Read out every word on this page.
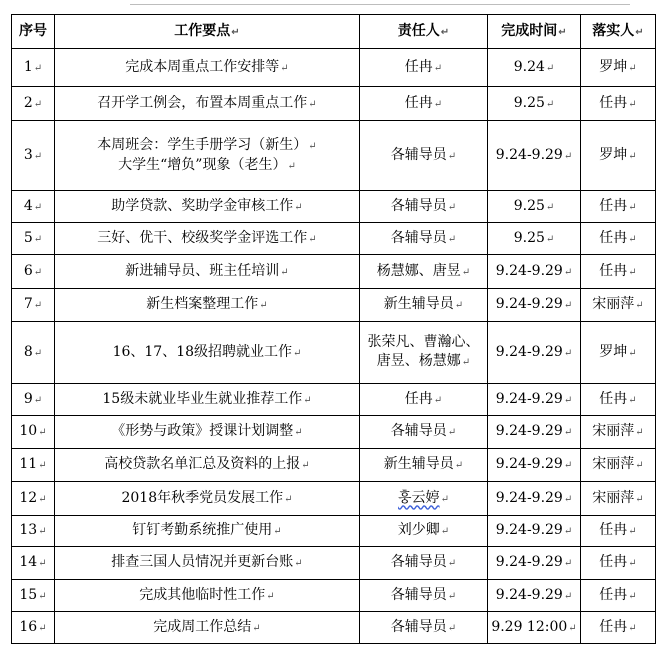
序号	工作要点↵	责任人↵	完成时间↵	落实人↵
1↵	完成本周重点工作安排等↵	任冉↵	9.24↵	罗坤↵
2↵	召开学工例会，布置本周重点工作↵	任冉↵	9.25↵	任冉↵
3↵	本周班会：学生手册学习（新生）↵
大学生“增负”现象（老生）↵	各辅导员↵	9.24-9.29↵	罗坤↵
4↵	助学贷款、奖助学金审核工作↵	各辅导员↵	9.25↵	任冉↵
5↵	三好、优干、校级奖学金评选工作↵	各辅导员↵	9.25↵	任冉↵
6↵	新进辅导员、班主任培训↵	杨慧娜、唐昱↵	9.24-9.29↵	任冉↵
7↵	新生档案整理工作↵	新生辅导员↵	9.24-9.29↵	宋丽萍↵
8↵	16、17、18级招聘就业工作↵	张荣凡、曹瀚心、
唐昱、杨慧娜↵	9.24-9.29↵	罗坤↵
9↵	15级未就业毕业生就业推荐工作↵	任冉↵	9.24-9.29↵	任冉↵
10↵	《形势与政策》授课计划调整↵	各辅导员↵	9.24-9.29↵	宋丽萍↵
11↵	高校贷款名单汇总及资料的上报↵	新生辅导员↵	9.24-9.29↵	宋丽萍↵
12↵	2018年秋季党员发展工作↵	훙云婷↵	9.24-9.29↵	宋丽萍↵
13↵	钉钉考勤系统推广使用↵	刘少卿↵	9.24-9.29↵	任冉↵
14↵	排查三国人员情况并更新台账↵	各辅导员↵	9.24-9.29↵	任冉↵
15↵	完成其他临时性工作↵	各辅导员↵	9.24-9.29↵	任冉↵
16↵	完成周工作总结↵	各辅导员↵	9.29 12:00↵	任冉↵
